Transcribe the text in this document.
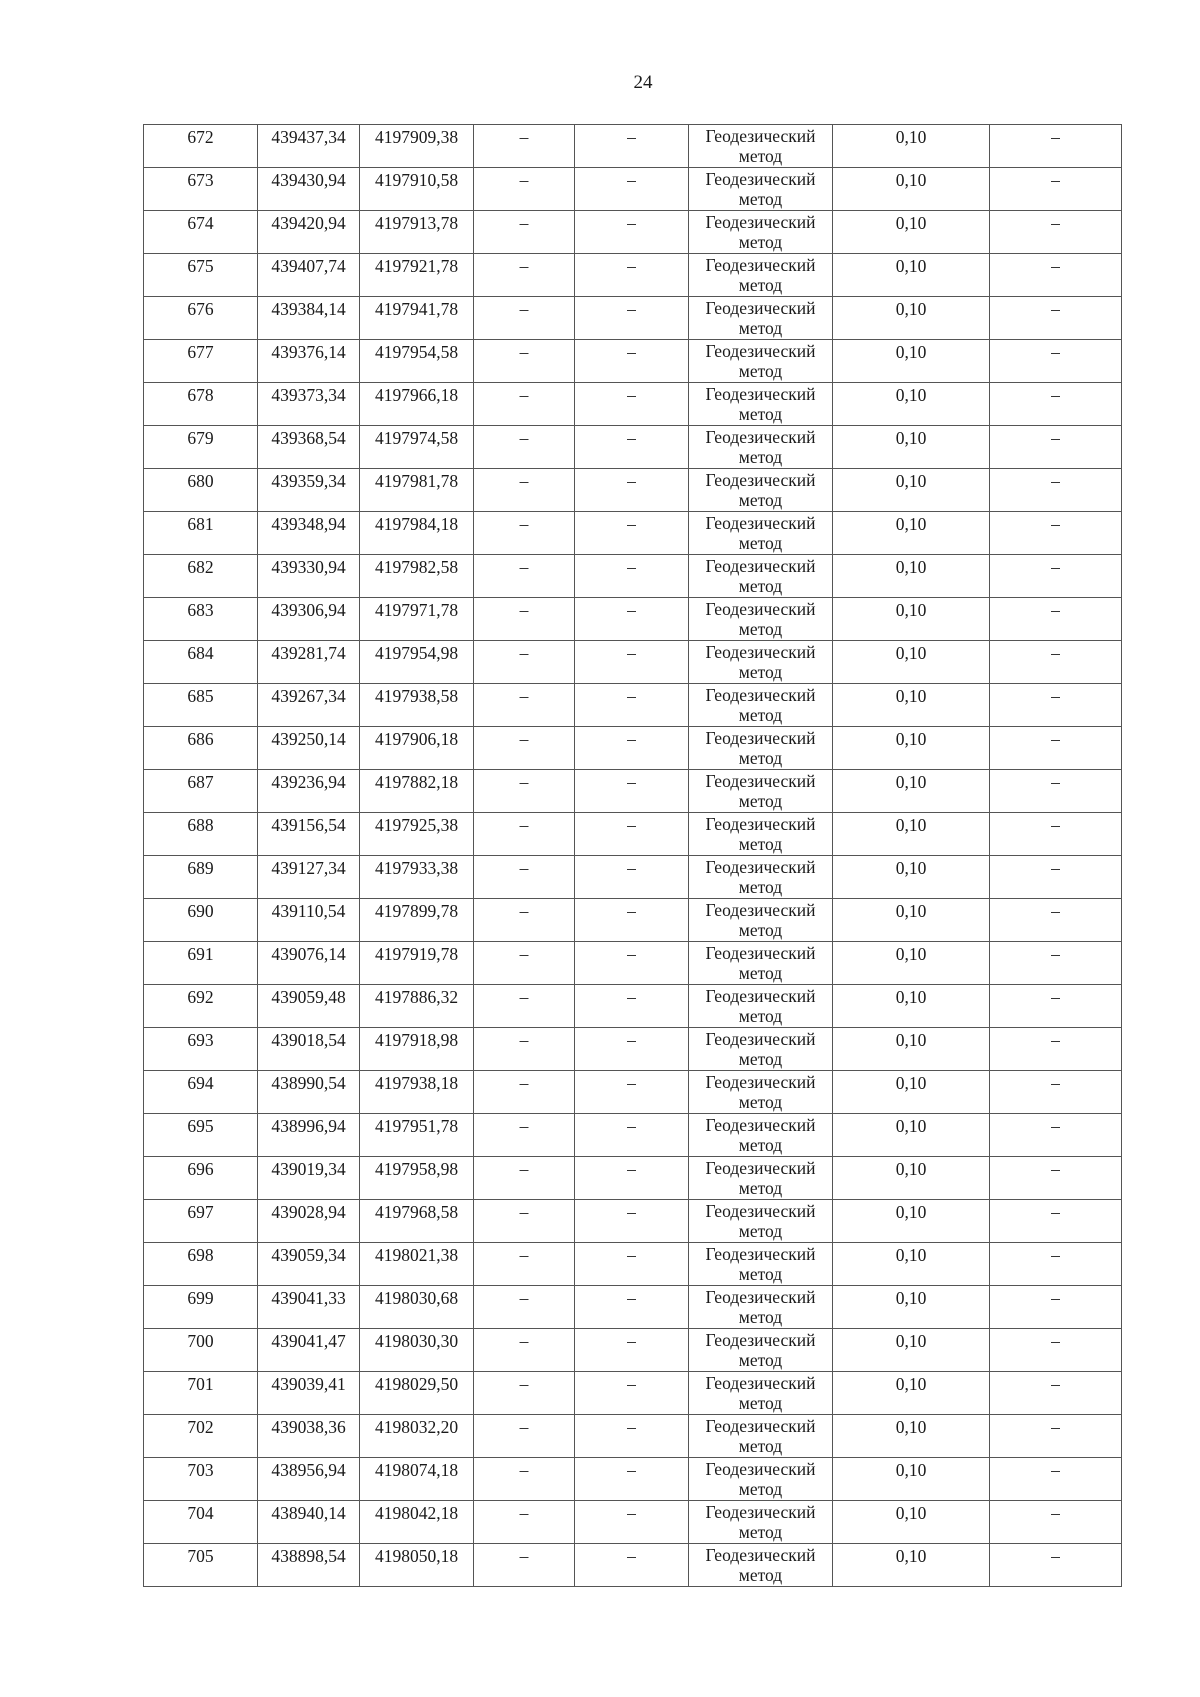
24
672	439437,34	4197909,38	–	–	Геодезический метод	0,10	–

673	439430,94	4197910,58	–	–	Геодезический метод	0,10	–

674	439420,94	4197913,78	–	–	Геодезический метод	0,10	–

675	439407,74	4197921,78	–	–	Геодезический метод	0,10	–

676	439384,14	4197941,78	–	–	Геодезический метод	0,10	–

677	439376,14	4197954,58	–	–	Геодезический метод	0,10	–

678	439373,34	4197966,18	–	–	Геодезический метод	0,10	–

679	439368,54	4197974,58	–	–	Геодезический метод	0,10	–

680	439359,34	4197981,78	–	–	Геодезический метод	0,10	–

681	439348,94	4197984,18	–	–	Геодезический метод	0,10	–

682	439330,94	4197982,58	–	–	Геодезический метод	0,10	–

683	439306,94	4197971,78	–	–	Геодезический метод	0,10	–

684	439281,74	4197954,98	–	–	Геодезический метод	0,10	–

685	439267,34	4197938,58	–	–	Геодезический метод	0,10	–

686	439250,14	4197906,18	–	–	Геодезический метод	0,10	–

687	439236,94	4197882,18	–	–	Геодезический метод	0,10	–

688	439156,54	4197925,38	–	–	Геодезический метод	0,10	–

689	439127,34	4197933,38	–	–	Геодезический метод	0,10	–

690	439110,54	4197899,78	–	–	Геодезический метод	0,10	–

691	439076,14	4197919,78	–	–	Геодезический метод	0,10	–

692	439059,48	4197886,32	–	–	Геодезический метод	0,10	–

693	439018,54	4197918,98	–	–	Геодезический метод	0,10	–

694	438990,54	4197938,18	–	–	Геодезический метод	0,10	–

695	438996,94	4197951,78	–	–	Геодезический метод	0,10	–

696	439019,34	4197958,98	–	–	Геодезический метод	0,10	–

697	439028,94	4197968,58	–	–	Геодезический метод	0,10	–

698	439059,34	4198021,38	–	–	Геодезический метод	0,10	–

699	439041,33	4198030,68	–	–	Геодезический метод	0,10	–

700	439041,47	4198030,30	–	–	Геодезический метод	0,10	–

701	439039,41	4198029,50	–	–	Геодезический метод	0,10	–

702	439038,36	4198032,20	–	–	Геодезический метод	0,10	–

703	438956,94	4198074,18	–	–	Геодезический метод	0,10	–

704	438940,14	4198042,18	–	–	Геодезический метод	0,10	–

705	438898,54	4198050,18	–	–	Геодезический метод	0,10	–
